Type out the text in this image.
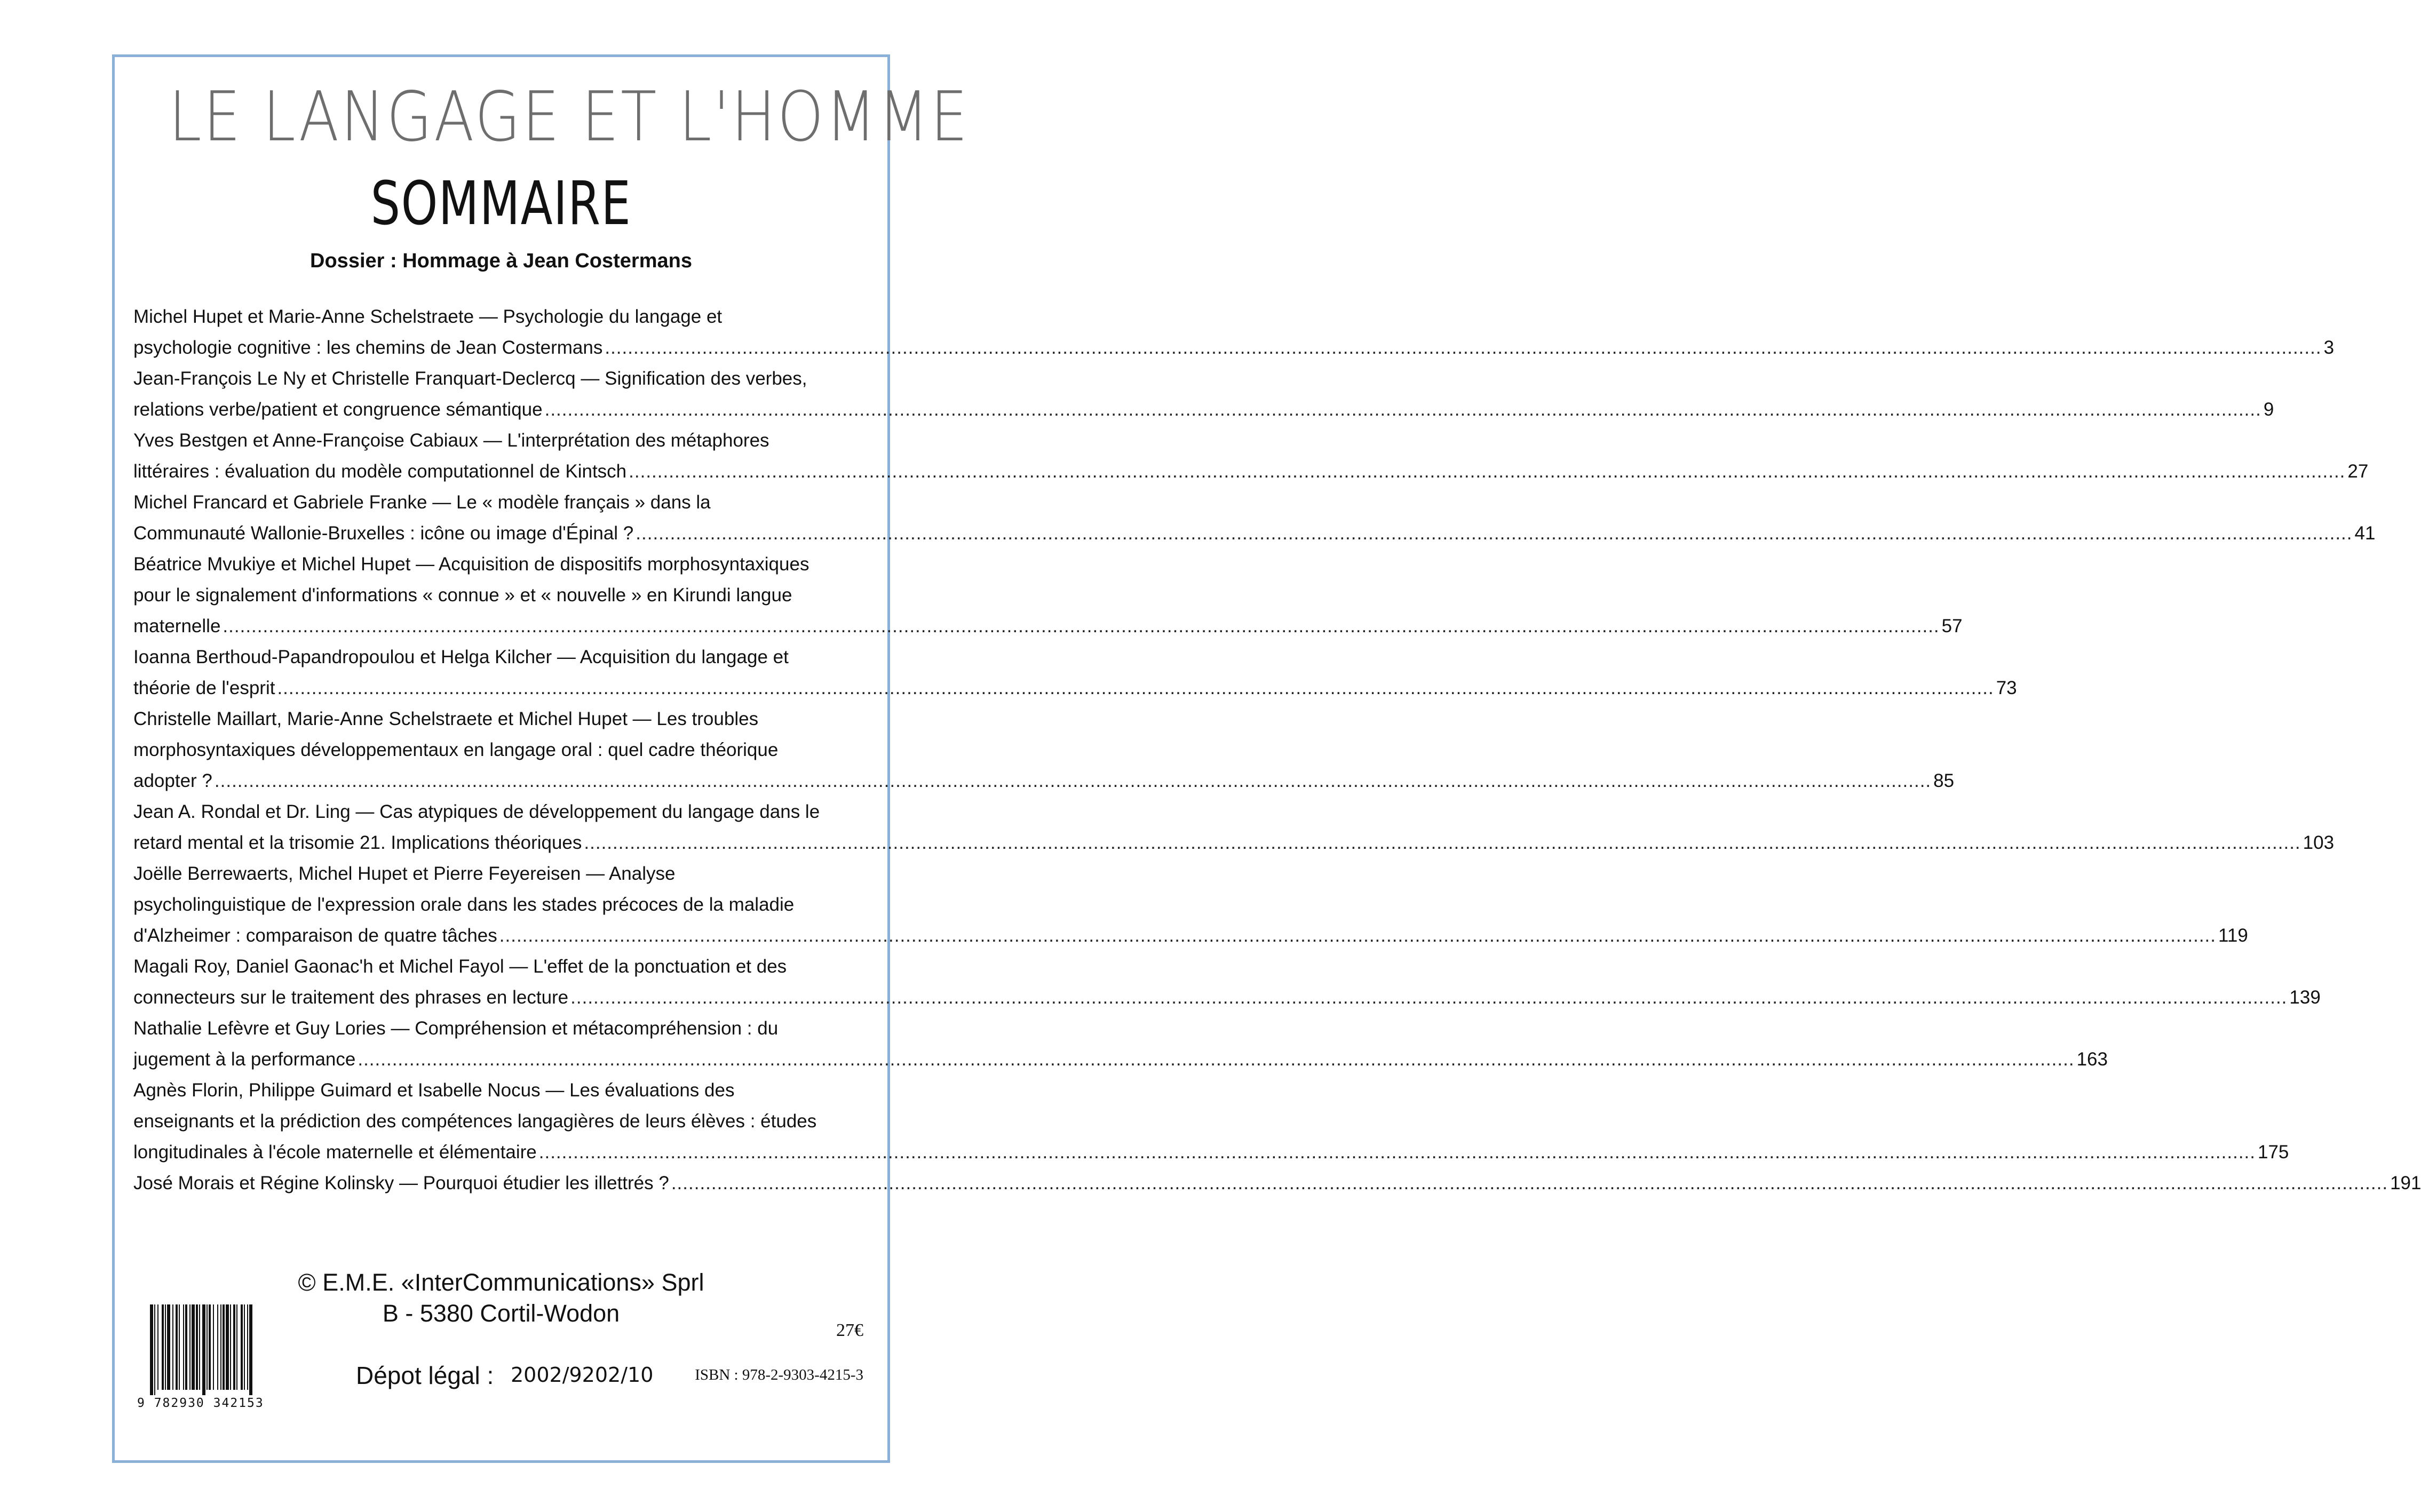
LE LANGAGE ET L'HOMME
SOMMAIRE
Dossier : Hommage à Jean Costermans
Michel Hupet et Marie-Anne Schelstraete — Psychologie du langage et
psychologie cognitive : les chemins de Jean Costermans ............................................................................................................................................................................................................................................................................................................ 3
Jean-François Le Ny et Christelle Franquart-Declercq — Signification des verbes,
relations verbe/patient et congruence sémantique ............................................................................................................................................................................................................................................................................................................ 9
Yves Bestgen et Anne-Françoise Cabiaux — L'interprétation des métaphores
littéraires : évaluation du modèle computationnel de Kintsch ............................................................................................................................................................................................................................................................................................................ 27
Michel Francard et Gabriele Franke — Le « modèle français » dans la
Communauté Wallonie-Bruxelles : icône ou image d'Épinal ? ............................................................................................................................................................................................................................................................................................................ 41
Béatrice Mvukiye et Michel Hupet — Acquisition de dispositifs morphosyntaxiques
pour le signalement d'informations « connue » et « nouvelle » en Kirundi langue
maternelle ............................................................................................................................................................................................................................................................................................................ 57
Ioanna Berthoud-Papandropoulou et Helga Kilcher — Acquisition du langage et
théorie de l'esprit ............................................................................................................................................................................................................................................................................................................ 73
Christelle Maillart, Marie-Anne Schelstraete et Michel Hupet — Les troubles
morphosyntaxiques développementaux en langage oral : quel cadre théorique
adopter ? ............................................................................................................................................................................................................................................................................................................ 85
Jean A. Rondal et Dr. Ling — Cas atypiques de développement du langage dans le
retard mental et la trisomie 21. Implications théoriques ............................................................................................................................................................................................................................................................................................................ 103
Joëlle Berrewaerts, Michel Hupet et Pierre Feyereisen — Analyse
psycholinguistique de l'expression orale dans les stades précoces de la maladie
d'Alzheimer : comparaison de quatre tâches ............................................................................................................................................................................................................................................................................................................ 119
Magali Roy, Daniel Gaonac'h et Michel Fayol — L'effet de la ponctuation et des
connecteurs sur le traitement des phrases en lecture ............................................................................................................................................................................................................................................................................................................ 139
Nathalie Lefèvre et Guy Lories — Compréhension et métacompréhension : du
jugement à la performance ............................................................................................................................................................................................................................................................................................................ 163
Agnès Florin, Philippe Guimard et Isabelle Nocus — Les évaluations des
enseignants et la prédiction des compétences langagières de leurs élèves : études
longitudinales à l'école maternelle et élémentaire ............................................................................................................................................................................................................................................................................................................ 175
José Morais et Régine Kolinsky — Pourquoi étudier les illettrés ? ............................................................................................................................................................................................................................................................................................................ 191
© E.M.E. «InterCommunications» Sprl
B - 5380 Cortil-Wodon
9 782930 342153
27€
Dépot légal : 2002/9202/10	ISBN : 978-2-9303-4215-3
